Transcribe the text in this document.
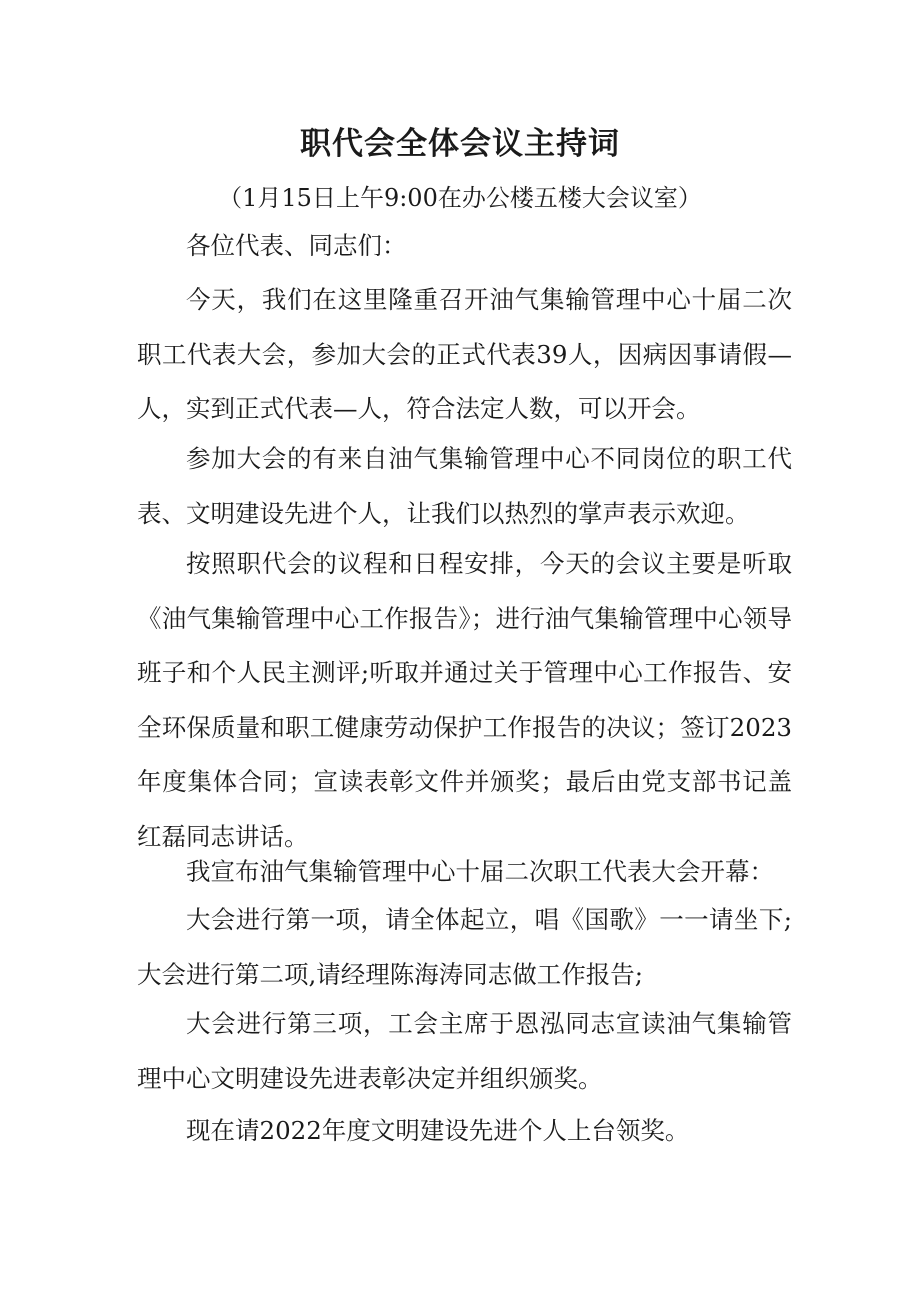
职代会全体会议主持词
（1月15日上午9:00在办公楼五楼大会议室）
各位代表、同志们：
今天，我们在这里隆重召开油气集输管理中心十届二次职工代表大会，参加大会的正式代表39人，因病因事请假—人，实到正式代表—人，符合法定人数，可以开会。
参加大会的有来自油气集输管理中心不同岗位的职工代表、文明建设先进个人，让我们以热烈的掌声表示欢迎。
按照职代会的议程和日程安排，今天的会议主要是听取《油气集输管理中心工作报告》；进行油气集输管理中心领导班子和个人民主测评;听取并通过关于管理中心工作报告、安全环保质量和职工健康劳动保护工作报告的决议；签订2023年度集体合同；宣读表彰文件并颁奖；最后由党支部书记盖红磊同志讲话。
我宣布油气集输管理中心十届二次职工代表大会开幕：
大会进行第一项，请全体起立，唱《国歌》一一请坐下;大会进行第二项,请经理陈海涛同志做工作报告;
大会进行第三项，工会主席于恩泓同志宣读油气集输管理中心文明建设先进表彰决定并组织颁奖。
现在请2022年度文明建设先进个人上台领奖。
